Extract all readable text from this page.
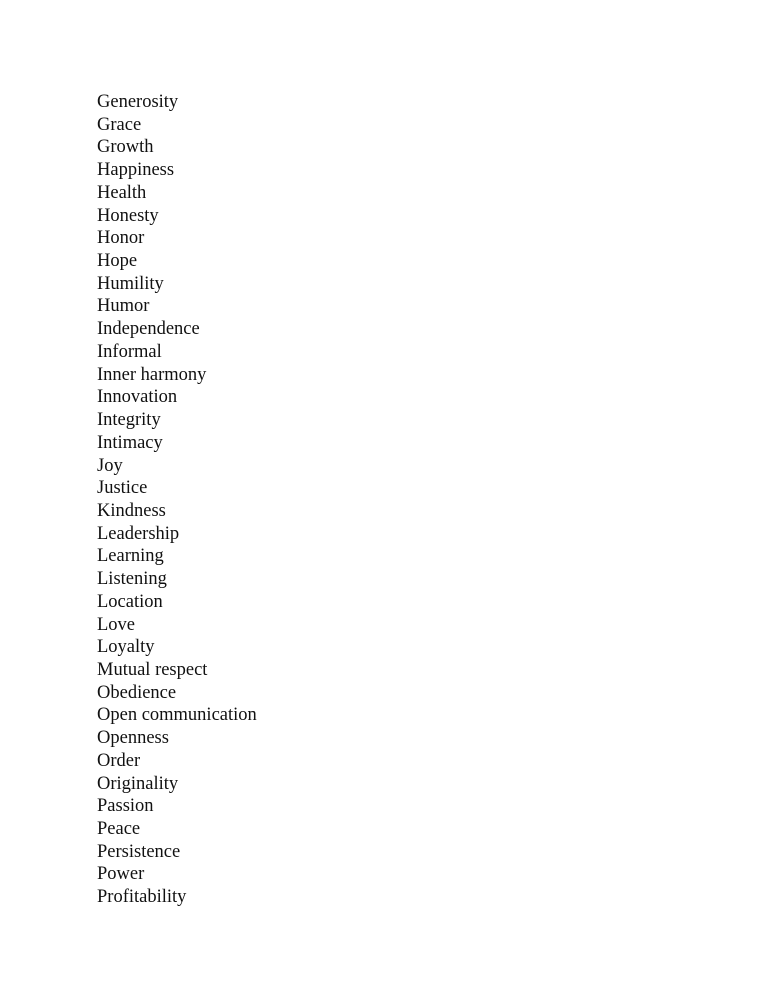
Generosity
Grace
Growth
Happiness
Health
Honesty
Honor
Hope
Humility
Humor
Independence
Informal
Inner harmony
Innovation
Integrity
Intimacy
Joy
Justice
Kindness
Leadership
Learning
Listening
Location
Love
Loyalty
Mutual respect
Obedience
Open communication
Openness
Order
Originality
Passion
Peace
Persistence
Power
Profitability
